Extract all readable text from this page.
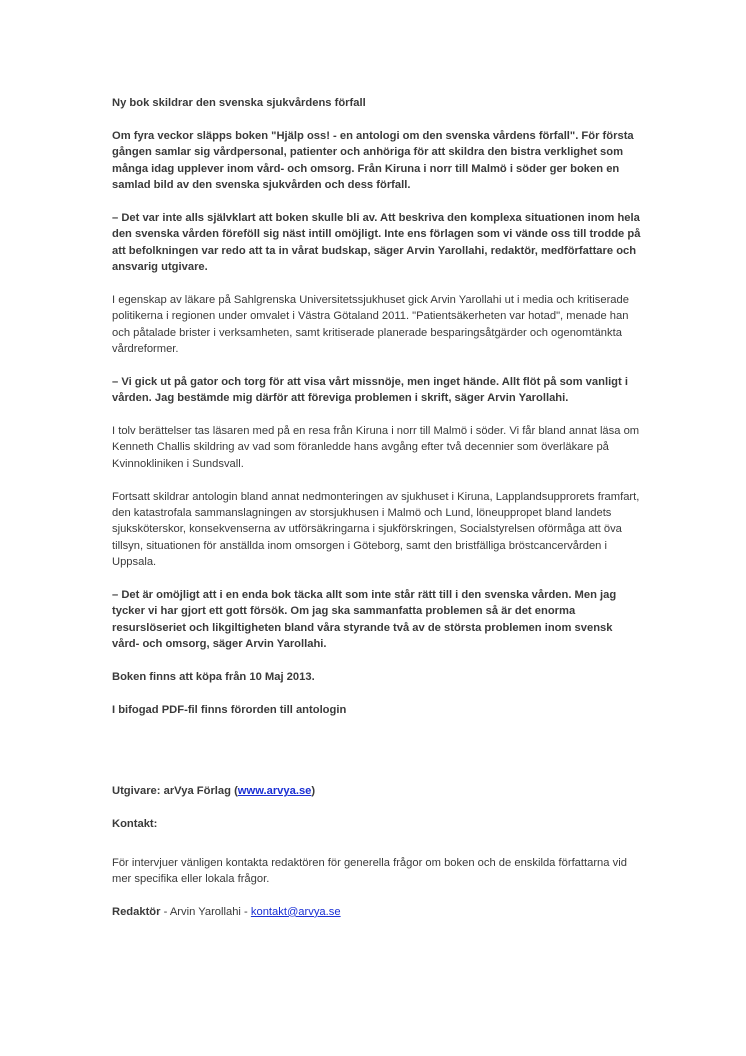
Ny bok skildrar den svenska sjukvårdens förfall

Om fyra veckor släpps boken "Hjälp oss! - en antologi om den svenska vårdens förfall". För första gången samlar sig vårdpersonal, patienter och anhöriga för att skildra den bistra verklighet som många idag upplever inom vård- och omsorg. Från Kiruna i norr till Malmö i söder ger boken en samlad bild av den svenska sjukvården och dess förfall.

– Det var inte alls självklart att boken skulle bli av. Att beskriva den komplexa situationen inom hela den svenska vården föreföll sig näst intill omöjligt. Inte ens förlagen som vi vände oss till trodde på att befolkningen var redo att ta in vårat budskap, säger Arvin Yarollahi, redaktör, medförfattare och ansvarig utgivare.

I egenskap av läkare på Sahlgrenska Universitetssjukhuset gick Arvin Yarollahi ut i media och kritiserade politikerna i regionen under omvalet i Västra Götaland 2011. "Patientsäkerheten var hotad", menade han och påtalade brister i verksamheten, samt kritiserade planerade besparingsåtgärder och ogenomtänkta vårdreformer.

– Vi gick ut på gator och torg för att visa vårt missnöje, men inget hände. Allt flöt på som vanligt i vården. Jag bestämde mig därför att föreviga problemen i skrift, säger Arvin Yarollahi.

I tolv berättelser tas läsaren med på en resa från Kiruna i norr till Malmö i söder. Vi får bland annat läsa om Kenneth Challis skildring av vad som föranledde hans avgång efter två decennier som överläkare på Kvinnokliniken i Sundsvall.

Fortsatt skildrar antologin bland annat nedmonteringen av sjukhuset i Kiruna, Lapplandsupprorets framfart, den katastrofala sammanslagningen av storsjukhusen i Malmö och Lund, löneuppropet bland landets sjuksköterskor, konsekvenserna av utförsäkringarna i sjukförskringen, Socialstyrelsen oförmåga att öva tillsyn, situationen för anställda inom omsorgen i Göteborg, samt den bristfälliga bröstcancervården i Uppsala.

– Det är omöjligt att i en enda bok täcka allt som inte står rätt till i den svenska vården. Men jag tycker vi har gjort ett gott försök. Om jag ska sammanfatta problemen så är det enorma resurslöseriet och likgiltigheten bland våra styrande två av de största problemen inom svensk vård- och omsorg, säger Arvin Yarollahi.

Boken finns att köpa från 10 Maj 2013.

I bifogad PDF-fil finns förorden till antologin

Utgivare: arVya Förlag (www.arvya.se)

Kontakt:

För intervjuer vänligen kontakta redaktören för generella frågor om boken och de enskilda författarna vid mer specifika eller lokala frågor.

Redaktör - Arvin Yarollahi - kontakt@arvya.se
